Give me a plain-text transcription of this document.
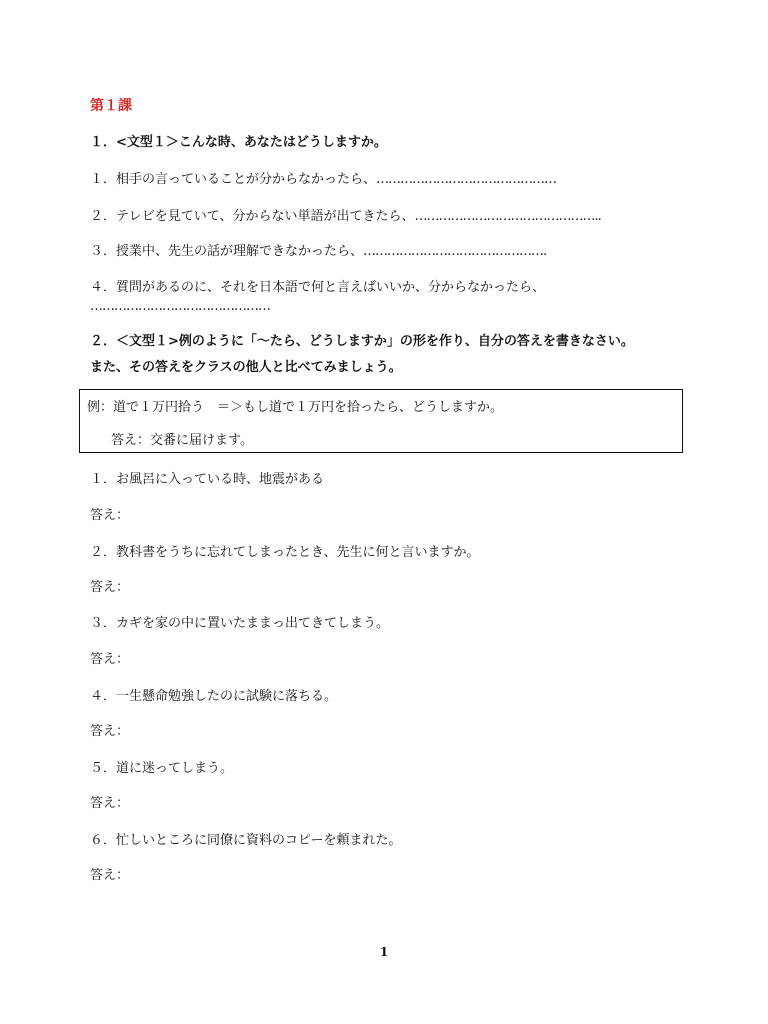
第１課
１．<文型１＞こんな時、あなたはどうしますか。
１．相手の言っていることが分からなかったら、………………………………………
２．テレビを見ていて、分からない単語が出てきたら、………………………………………..
３．授業中、先生の話が理解できなかったら、……………………………………….
４．質問があるのに、それを日本語で何と言えばいいか、分からなかったら、
………………………………………
２．＜文型１>例のように「～たら、どうしますか」の形を作り、自分の答えを書きなさい。
また、その答えをクラスの他人と比べてみましょう。
例：道で１万円拾う　＝＞もし道で１万円を拾ったら、どうしますか。
答え：交番に届けます。
１．お風呂に入っている時、地震がある
答え：
２．教科書をうちに忘れてしまったとき、先生に何と言いますか。
答え：
３．カギを家の中に置いたままっ出てきてしまう。
答え：
４．一生懸命勉強したのに試験に落ちる。
答え：
５．道に迷ってしまう。
答え：
６．忙しいところに同僚に資料のコピーを頼まれた。
答え：
1
